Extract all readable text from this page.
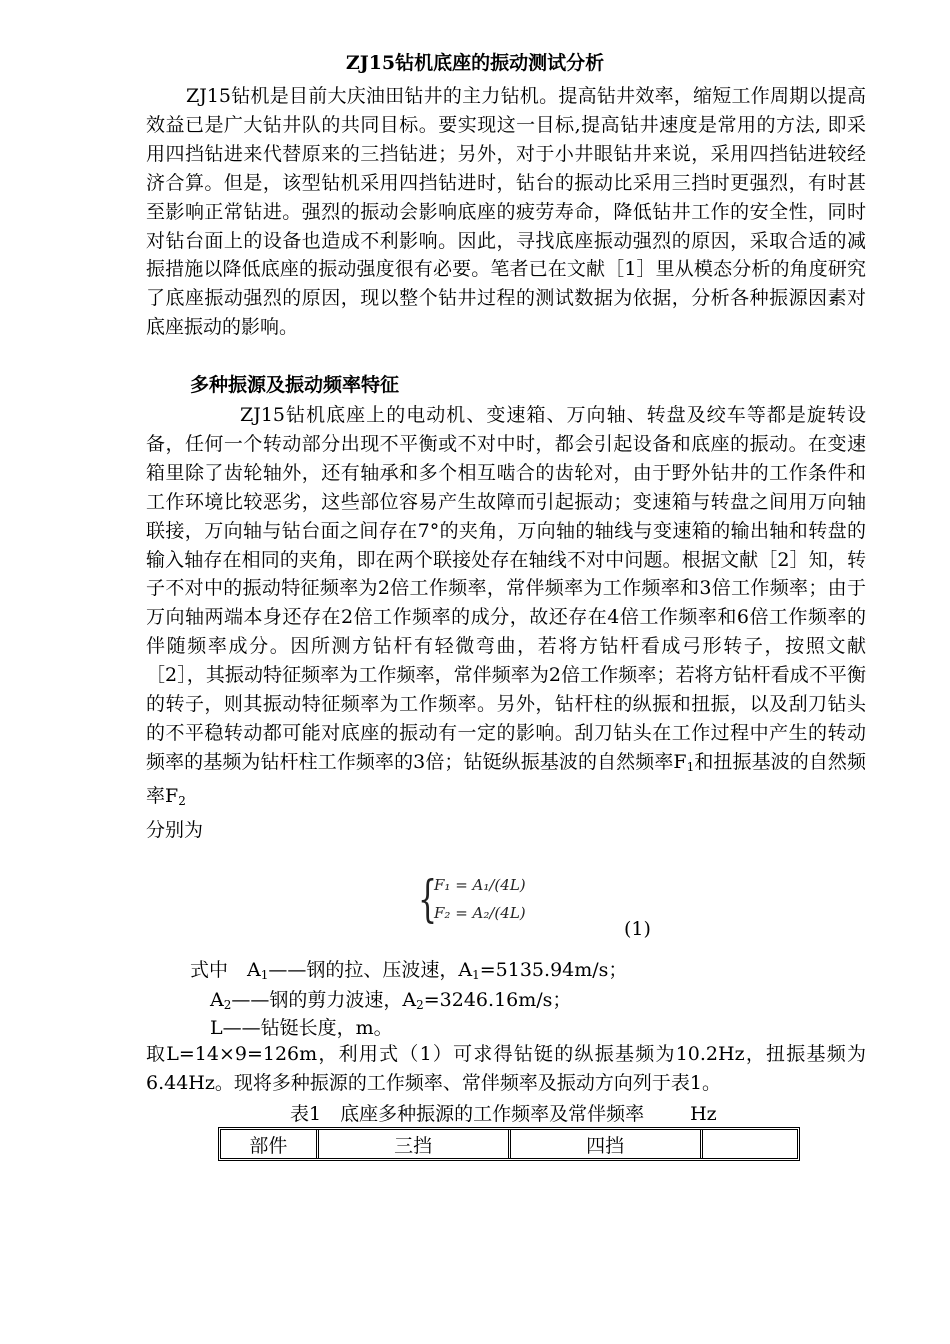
ZJ15钻机底座的振动测试分析
ZJ15钻机是目前大庆油田钻井的主力钻机。提高钻井效率，缩短工作周期以提高效益已是广大钻井队的共同目标。要实现这一目标,提高钻井速度是常用的方法, 即采用四挡钻进来代替原来的三挡钻进；另外，对于小井眼钻井来说，采用四挡钻进较经济合算。但是，该型钻机采用四挡钻进时，钻台的振动比采用三挡时更强烈，有时甚至影响正常钻进。强烈的振动会影响底座的疲劳寿命，降低钻井工作的安全性，同时对钻台面上的设备也造成不利影响。因此，寻找底座振动强烈的原因，采取合适的减振措施以降低底座的振动强度很有必要。笔者已在文献［1］里从模态分析的角度研究了底座振动强烈的原因，现以整个钻井过程的测试数据为依据，分析各种振源因素对底座振动的影响。
多种振源及振动频率特征
ZJ15钻机底座上的电动机、变速箱、万向轴、转盘及绞车等都是旋转设备，任何一个转动部分出现不平衡或不对中时，都会引起设备和底座的振动。在变速箱里除了齿轮轴外，还有轴承和多个相互啮合的齿轮对，由于野外钻井的工作条件和工作环境比较恶劣，这些部位容易产生故障而引起振动；变速箱与转盘之间用万向轴联接，万向轴与钻台面之间存在7°的夹角，万向轴的轴线与变速箱的输出轴和转盘的输入轴存在相同的夹角，即在两个联接处存在轴线不对中问题。根据文献［2］知，转子不对中的振动特征频率为2倍工作频率，常伴频率为工作频率和3倍工作频率；由于万向轴两端本身还存在2倍工作频率的成分，故还存在4倍工作频率和6倍工作频率的伴随频率成分。因所测方钻杆有轻微弯曲，若将方钻杆看成弓形转子，按照文献［2］，其振动特征频率为工作频率，常伴频率为2倍工作频率；若将方钻杆看成不平衡的转子，则其振动特征频率为工作频率。另外，钻杆柱的纵振和扭振，以及刮刀钻头的不平稳转动都可能对底座的振动有一定的影响。刮刀钻头在工作过程中产生的转动频率的基频为钻杆柱工作频率的3倍；钻铤纵振基波的自然频率$F_1$和扭振基波的自然频率$F_2$
分别为
{
F₁ = A₁/(4L)
F₂ = A₂/(4L)
(1)
式中　$A_1——$钢的拉、压波速，$A_1=5135.94m/s$；
$A_2——$钢的剪力波速，$A_2=3246.16m/s$；
L——钻铤长度，m。
取L=14×9=126m，利用式（1）可求得钻铤的纵振基频为10.2Hz，扭振基频为6.44Hz。现将多种振源的工作频率、常伴频率及振动方向列于表1。
表1　底座多种振源的工作频率及常伴频率 Hz
部件	三挡	四挡	
